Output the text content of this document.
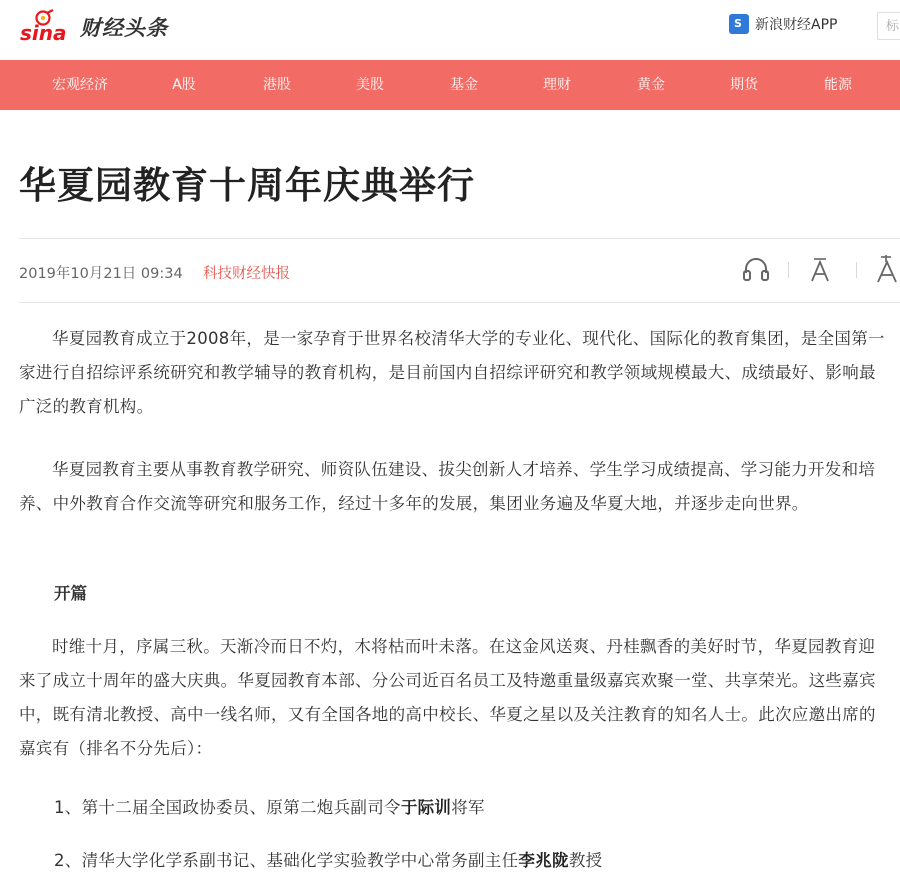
sina 财经头条	S 新浪财经APP	标
宏观经济	A股	港股	美股	基金	理财	黄金	期货	能源
华夏园教育十周年庆典举行
2019年10月21日 09:34 科技财经快报

华夏园教育成立于2008年，是一家孕育于世界名校清华大学的专业化、现代化、国际化的教育集团，是全国第一家进行自招综评系统研究和教学辅导的教育机构，是目前国内自招综评研究和教学领域规模最大、成绩最好、影响最广泛的教育机构。

华夏园教育主要从事教育教学研究、师资队伍建设、拔尖创新人才培养、学生学习成绩提高、学习能力开发和培养、中外教育合作交流等研究和服务工作，经过十多年的发展，集团业务遍及华夏大地，并逐步走向世界。

开篇

时维十月，序属三秋。天渐冷而日不灼，木将枯而叶未落。在这金风送爽、丹桂飘香的美好时节，华夏园教育迎来了成立十周年的盛大庆典。华夏园教育本部、分公司近百名员工及特邀重量级嘉宾欢聚一堂、共享荣光。这些嘉宾中，既有清北教授、高中一线名师，又有全国各地的高中校长、华夏之星以及关注教育的知名人士。此次应邀出席的嘉宾有（排名不分先后）：

1、第十二届全国政协委员、原第二炮兵副司令于际训将军
2、清华大学化学系副书记、基础化学实验教学中心常务副主任李兆陇教授
